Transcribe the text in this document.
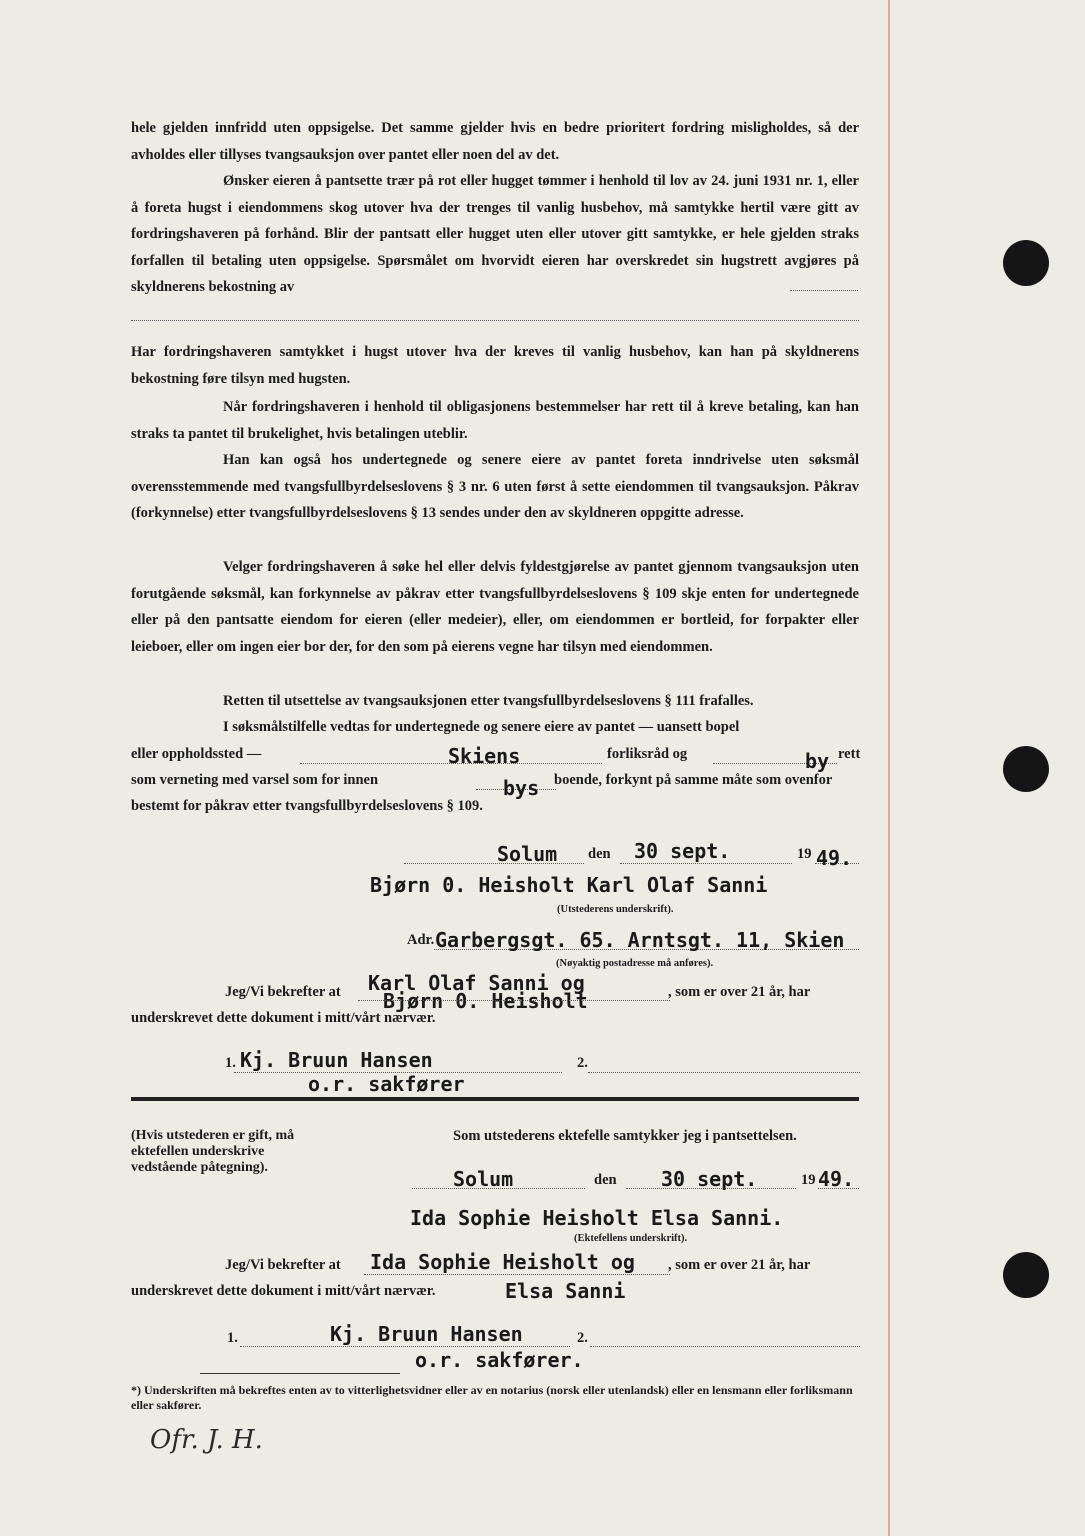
hele gjelden innfridd uten oppsigelse. Det samme gjelder hvis en bedre prioritert fordring misligholdes, så der avholdes eller tillyses tvangsauksjon over pantet eller noen del av det.
Ønsker eieren å pantsette trær på rot eller hugget tømmer i henhold til lov av 24. juni 1931 nr. 1, eller å foreta hugst i eiendommens skog utover hva der trenges til vanlig husbehov, må samtykke hertil være gitt av fordringshaveren på forhånd. Blir der pantsatt eller hugget uten eller utover gitt samtykke, er hele gjelden straks forfallen til betaling uten oppsigelse. Spørsmålet om hvorvidt eieren har overskredet sin hugstrett avgjøres på skyldnerens bekostning av
Har fordringshaveren samtykket i hugst utover hva der kreves til vanlig husbehov, kan han på skyldnerens bekostning føre tilsyn med hugsten.
Når fordringshaveren i henhold til obligasjonens bestemmelser har rett til å kreve betaling, kan han straks ta pantet til brukelighet, hvis betalingen uteblir.
Han kan også hos undertegnede og senere eiere av pantet foreta inndrivelse uten søksmål overensstemmende med tvangsfullbyrdelseslovens § 3 nr. 6 uten først å sette eiendommen til tvangsauksjon. Påkrav (forkynnelse) etter tvangsfullbyrdelseslovens § 13 sendes under den av skyldneren oppgitte adresse.
Velger fordringshaveren å søke hel eller delvis fyldestgjørelse av pantet gjennom tvangsauksjon uten forutgående søksmål, kan forkynnelse av påkrav etter tvangsfullbyrdelseslovens § 109 skje enten for undertegnede eller på den pantsatte eiendom for eieren (eller medeier), eller, om eiendommen er bortleid, for forpakter eller leieboer, eller om ingen eier bor der, for den som på eierens vegne har tilsyn med eiendommen.
Retten til utsettelse av tvangsauksjonen etter tvangsfullbyrdelseslovens § 111 frafalles.
I søksmålstilfelle vedtas for undertegnede og senere eiere av pantet — uansett bopel
eller oppholdssted —	Skiens	forliksråd og	by rett
som verneting med varsel som for innen	bys boende, forkynt på samme måte som ovenfor
bestemt for påkrav etter tvangsfullbyrdelseslovens § 109.
Solum den 30 sept.	19 49.
Bjørn 0. Heisholt Karl Olaf Sanni
(Utstederens underskrift).
Adr. Garbergsgt. 65. Arntsgt. 11, Skien
(Nøyaktig postadresse må anføres).
Jeg/Vi bekrefter at Karl Olaf Sanni og
Bjørn 0. Heisholt	, som er over 21 år, har
underskrevet dette dokument i mitt/vårt nærvær.
1. Kj. Bruun Hansen
o.r. sakfører
2.
(Hvis utstederen er gift, må ektefellen underskrive vedstående påtegning).
Som utstederens ektefelle samtykker jeg i pantsettelsen.
Solum	den 30 sept.	19 49.
Ida Sophie Heisholt Elsa Sanni.
(Ektefellens underskrift).
Jeg/Vi bekrefter at Ida Sophie Heisholt og , som er over 21 år, har
underskrevet dette dokument i mitt/vårt nærvær.	Elsa Sanni
1.	Kj. Bruun Hansen	2.
o.r. sakfører.
*) Underskriften må bekreftes enten av to vitterlighetsvidner eller av en notarius (norsk eller utenlandsk) eller en lensmann eller forliksmann eller sakfører.
Ofr. J. H.
